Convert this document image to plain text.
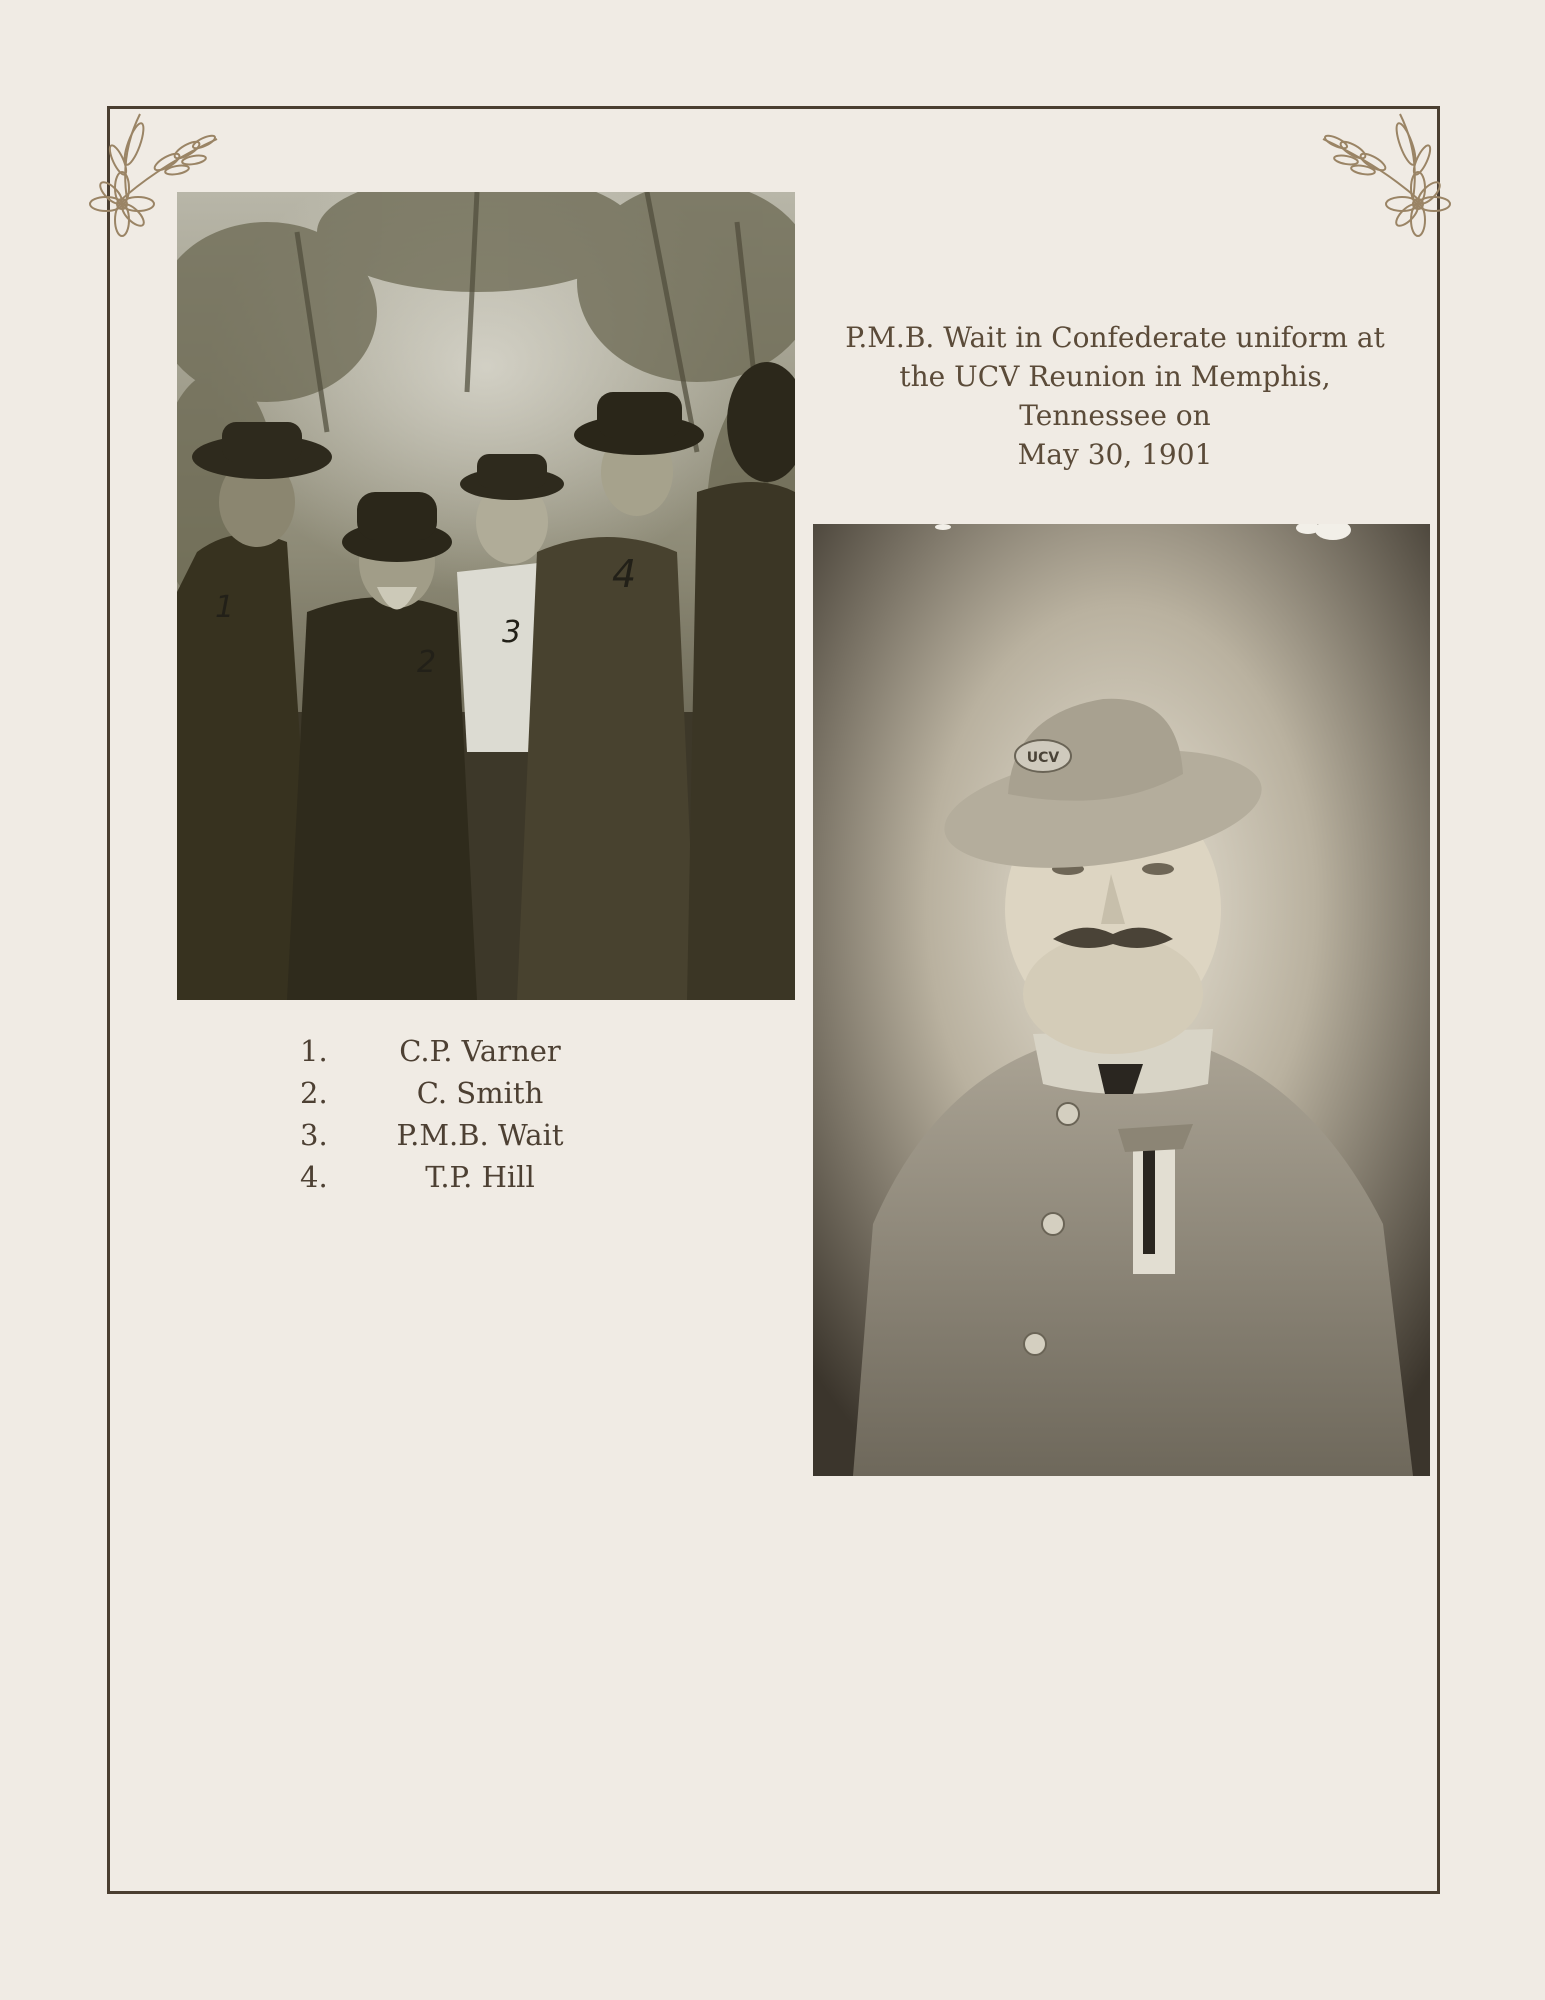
1
2
3
4
P.M.B. Wait in Confederate uniform at
the UCV Reunion in Memphis,
Tennessee on
May 30, 1901
UCV
1.	C.P. Varner
2.	C. Smith
3.	P.M.B. Wait
4.	T.P. Hill
